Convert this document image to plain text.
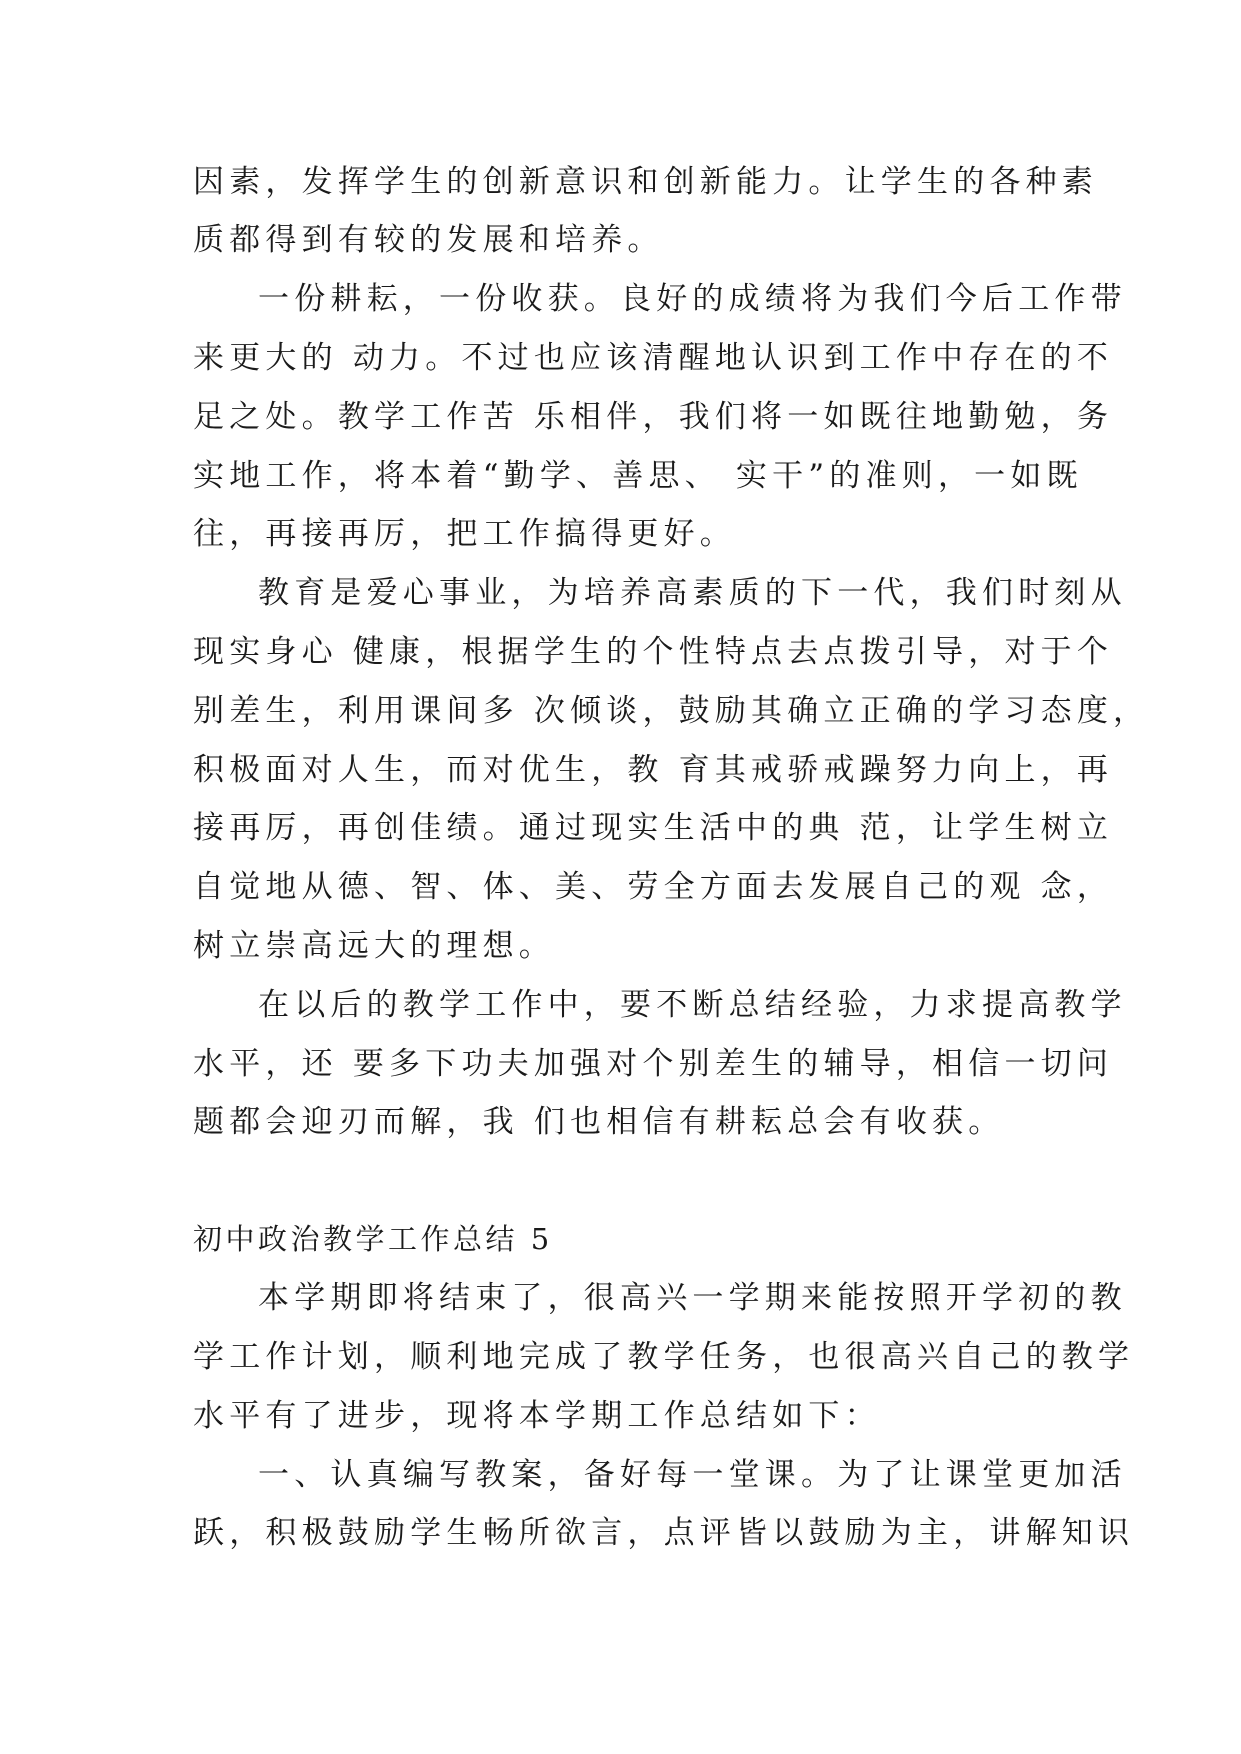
因素，发挥学生的创新意识和创新能力。让学生的各种素
质都得到有较的发展和培养。
一份耕耘，一份收获。良好的成绩将为我们今后工作带
来更大的 动力。不过也应该清醒地认识到工作中存在的不
足之处。教学工作苦 乐相伴，我们将一如既往地勤勉，务
实地工作，将本着“勤学、善思、 实干”的准则，一如既
往，再接再厉，把工作搞得更好。
教育是爱心事业，为培养高素质的下一代，我们时刻从
现实身心 健康，根据学生的个性特点去点拨引导，对于个
别差生，利用课间多 次倾谈，鼓励其确立正确的学习态度，
积极面对人生，而对优生，教 育其戒骄戒躁努力向上，再
接再厉，再创佳绩。通过现实生活中的典 范，让学生树立
自觉地从德、智、体、美、劳全方面去发展自己的观 念，
树立崇高远大的理想。
在以后的教学工作中，要不断总结经验，力求提高教学
水平，还 要多下功夫加强对个别差生的辅导，相信一切问
题都会迎刃而解，我 们也相信有耕耘总会有收获。
初中政治教学工作总结 5
本学期即将结束了，很高兴一学期来能按照开学初的教
学工作计划，顺利地完成了教学任务，也很高兴自己的教学
水平有了进步，现将本学期工作总结如下：
一、认真编写教案，备好每一堂课。为了让课堂更加活
跃，积极鼓励学生畅所欲言，点评皆以鼓励为主，讲解知识
